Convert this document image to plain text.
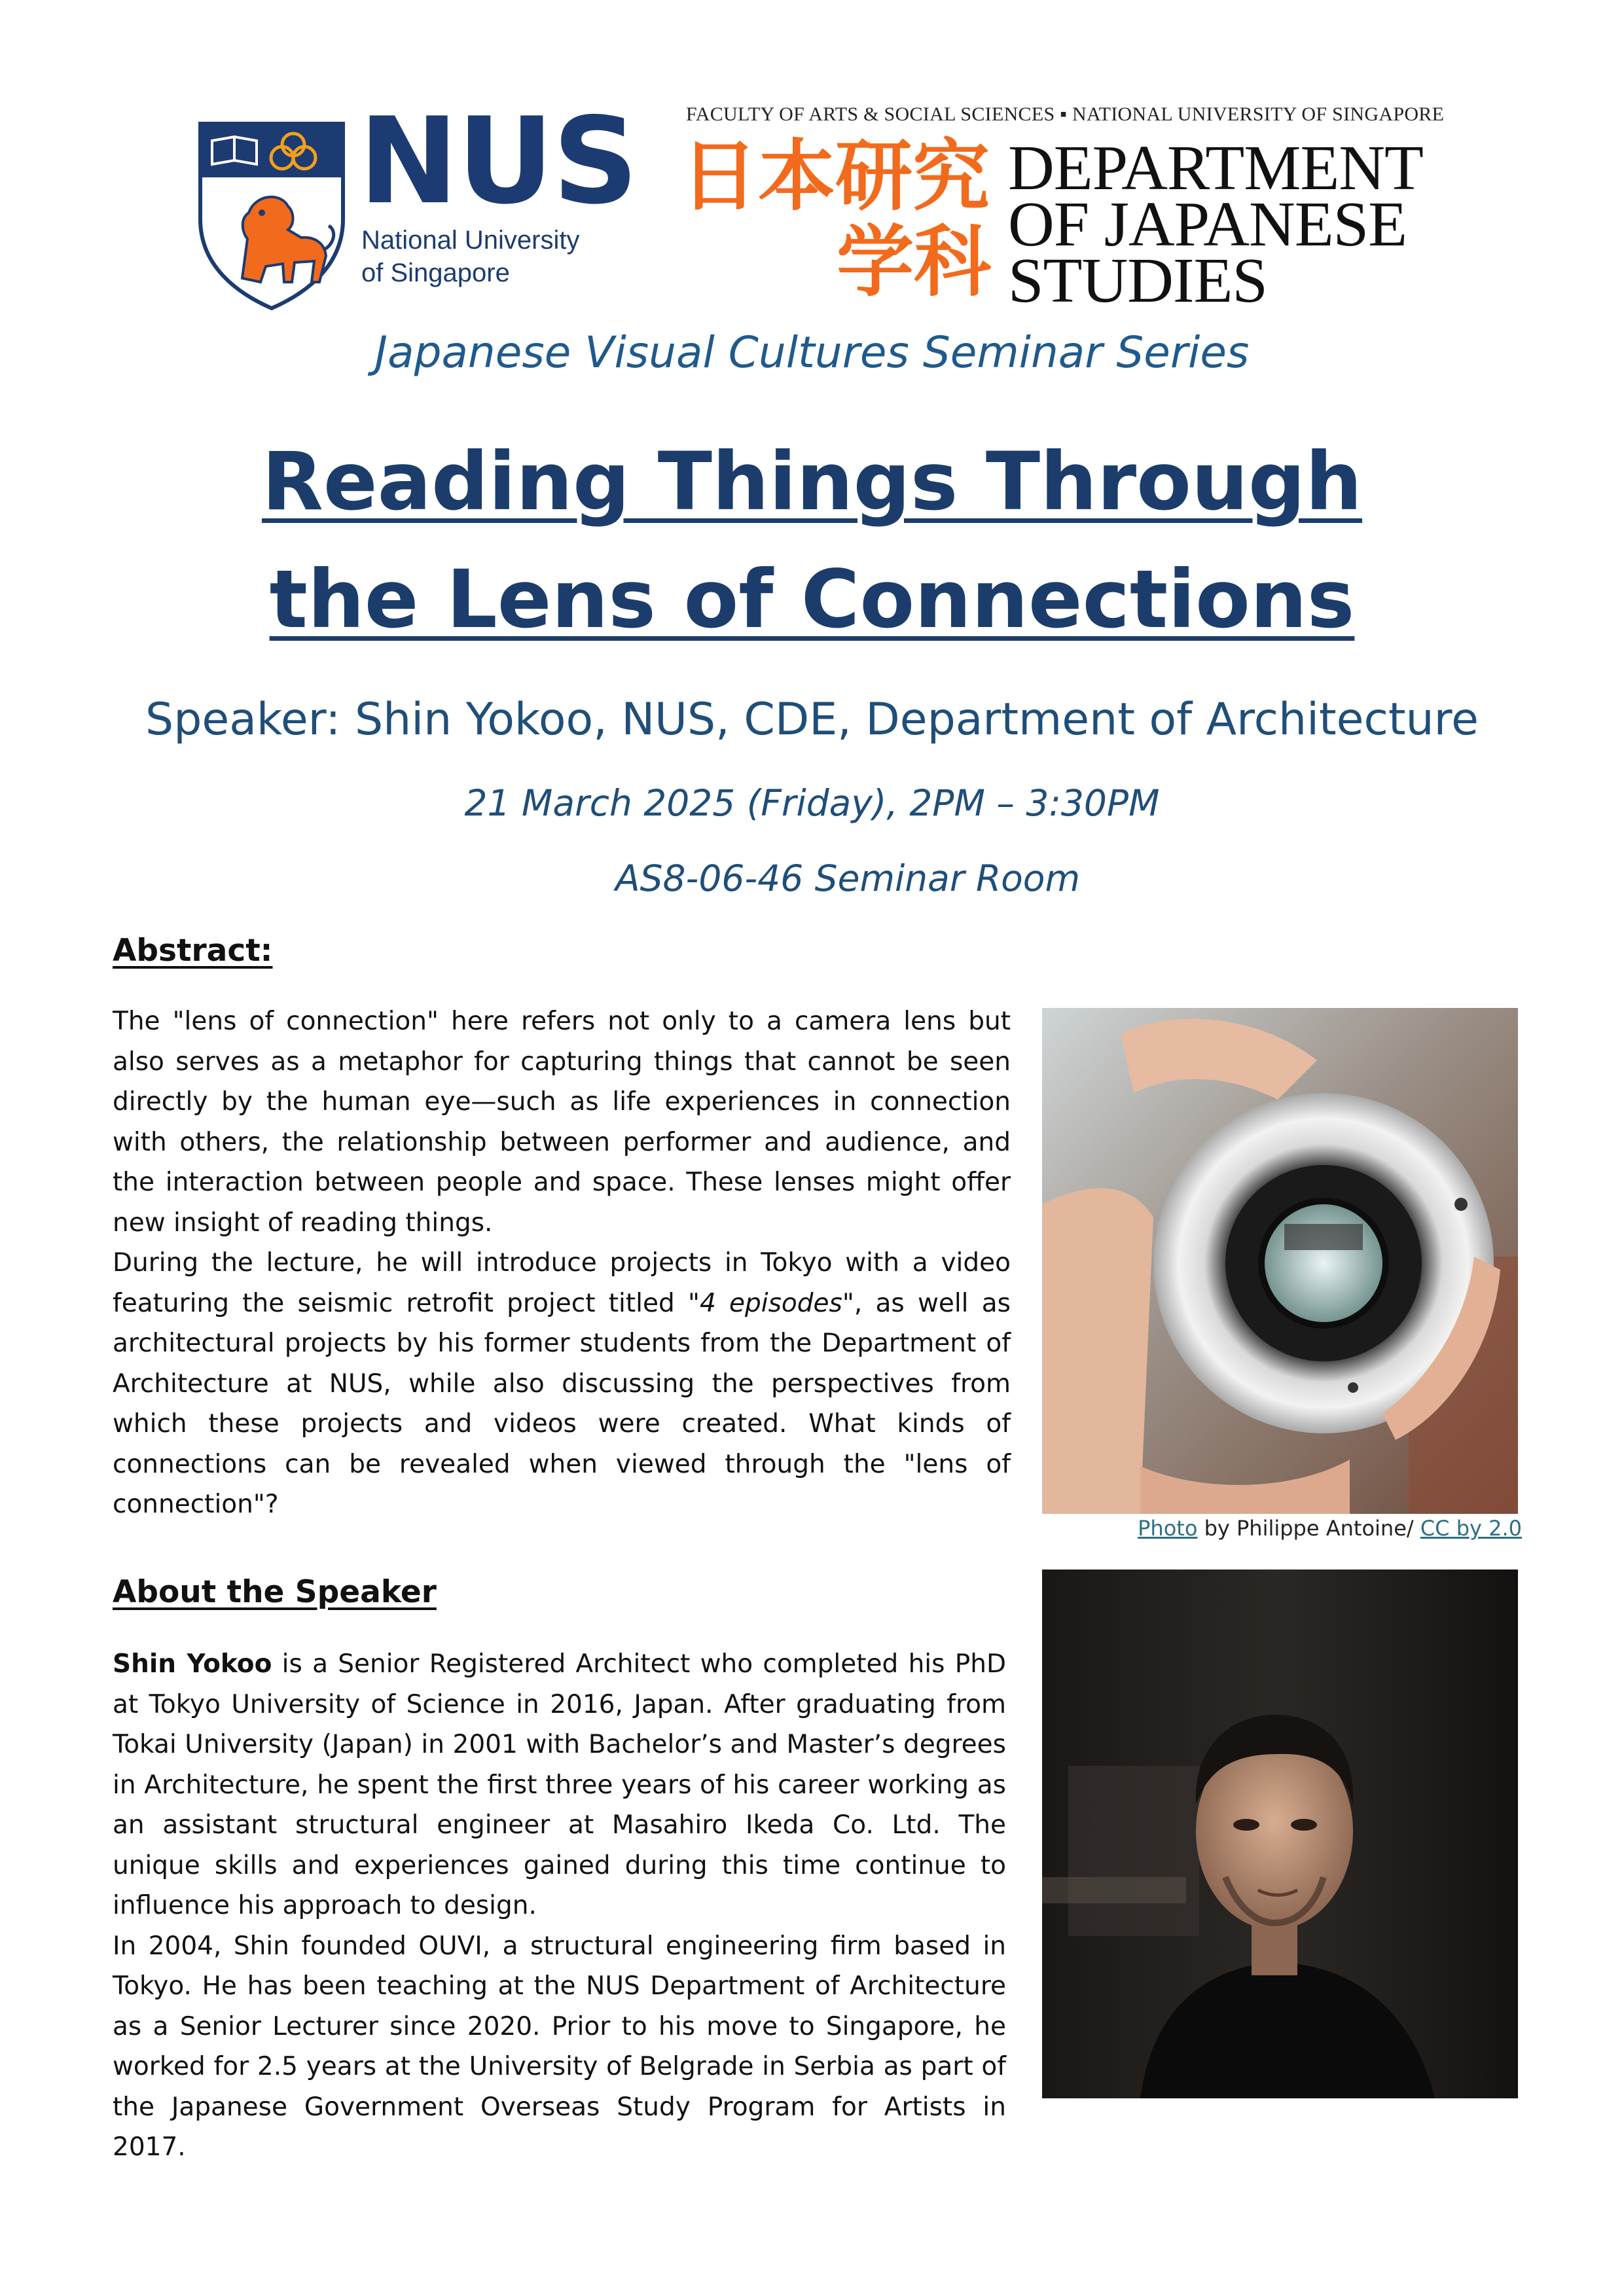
NUS
National University
of Singapore
FACULTY OF ARTS & SOCIAL SCIENCES ▪ NATIONAL UNIVERSITY OF SINGAPORE
日本研究
学科
DEPARTMENT
OF JAPANESE
STUDIES
Japanese Visual Cultures Seminar Series
Reading Things Through
the Lens of Connections
Speaker: Shin Yokoo, NUS, CDE, Department of Architecture
21 March 2025 (Friday), 2PM – 3:30PM
AS8-06-46 Seminar Room
Abstract:

The "lens of connection" here refers not only to a camera lens but also serves as a metaphor for capturing things that cannot be seen directly by the human eye—such as life experiences in connection with others, the relationship between performer and audience, and the interaction between people and space. These lenses might offer new insight of reading things.

During the lecture, he will introduce projects in Tokyo with a video featuring the seismic retrofit project titled "4 episodes", as well as architectural projects by his former students from the Department of Architecture at NUS, while also discussing the perspectives from which these projects and videos were created. What kinds of connections can be revealed when viewed through the "lens of connection"?

Photo by Philippe Antoine/ CC by 2.0
About the Speaker

Shin Yokoo is a Senior Registered Architect who completed his PhD at Tokyo University of Science in 2016, Japan. After graduating from Tokai University (Japan) in 2001 with Bachelor’s and Master’s degrees in Architecture, he spent the first three years of his career working as an assistant structural engineer at Masahiro Ikeda Co. Ltd. The unique skills and experiences gained during this time continue to influence his approach to design.

In 2004, Shin founded OUVI, a structural engineering firm based in Tokyo. He has been teaching at the NUS Department of Architecture as a Senior Lecturer since 2020. Prior to his move to Singapore, he worked for 2.5 years at the University of Belgrade in Serbia as part of the Japanese Government Overseas Study Program for Artists in 2017.
